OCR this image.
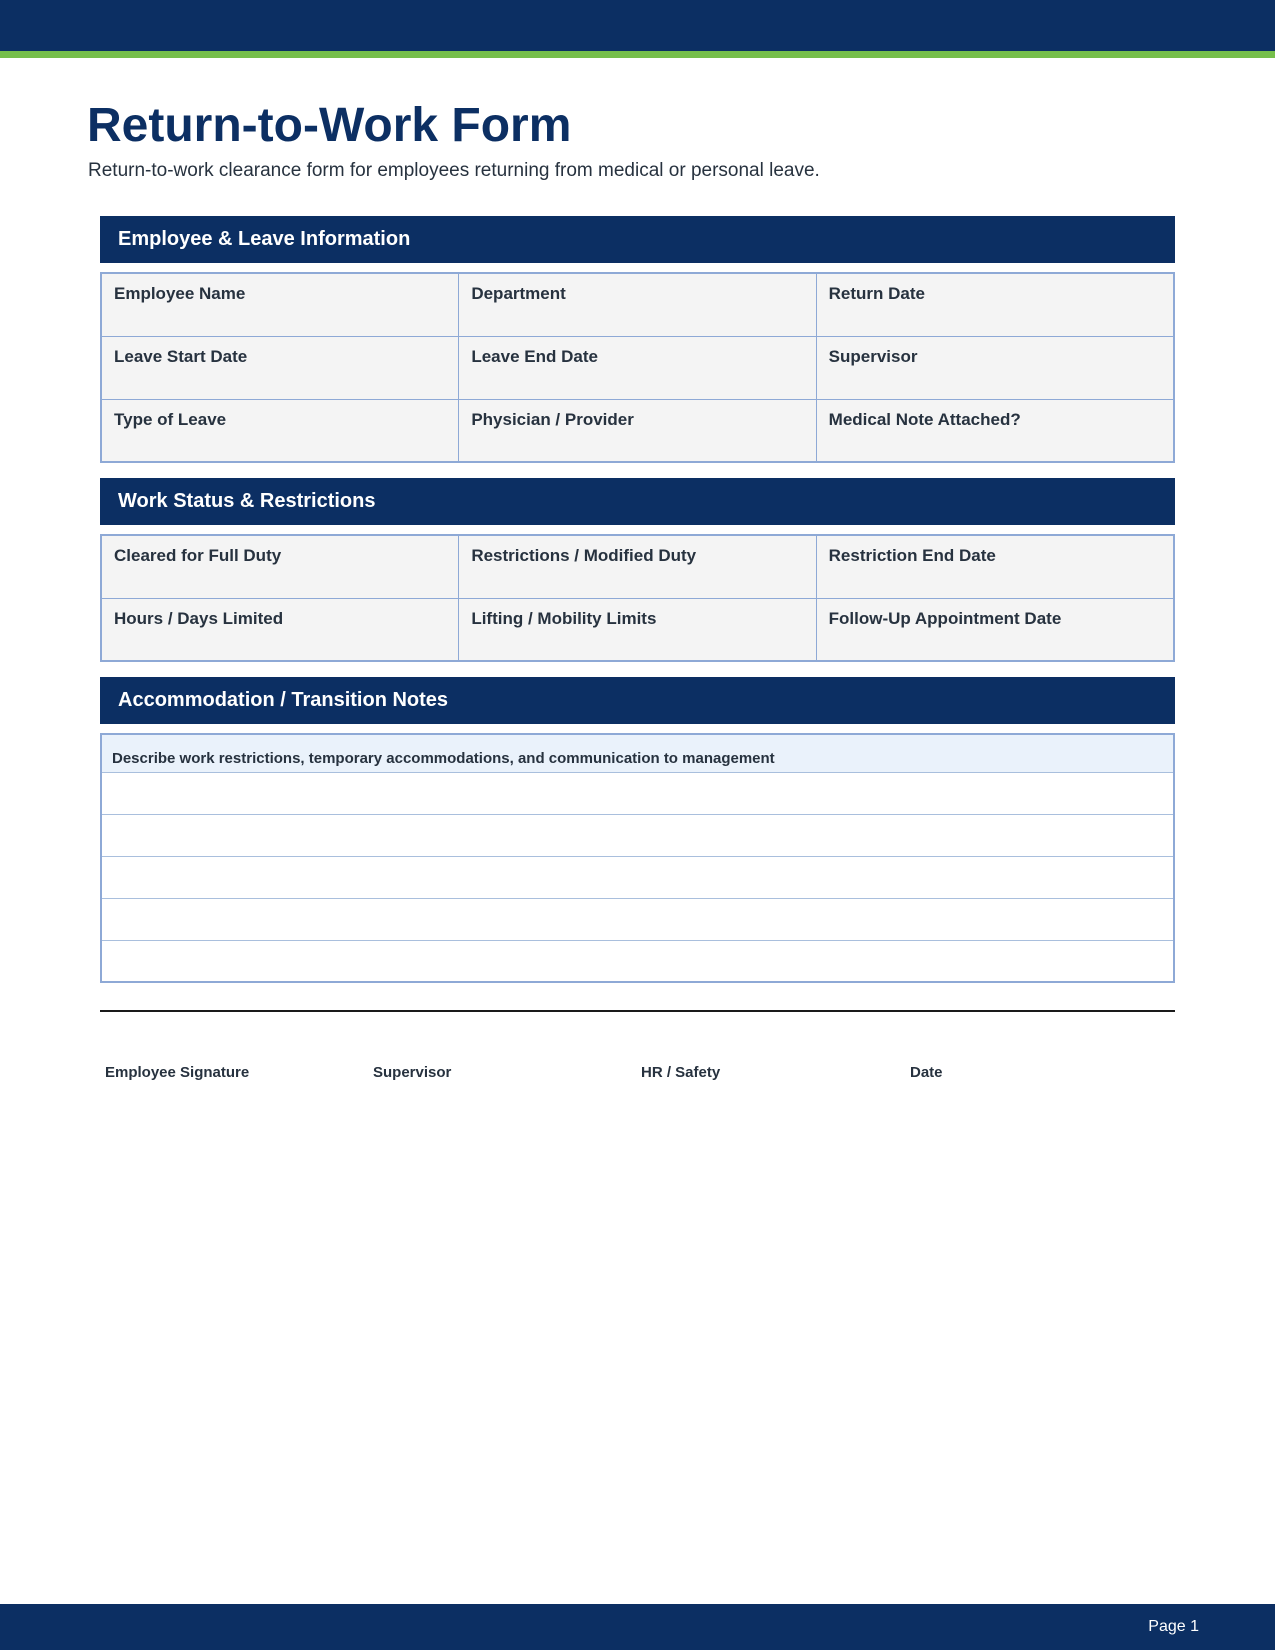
Return-to-Work Form

Return-to-work clearance form for employees returning from medical or personal leave.

Employee & Leave Information
Employee Name	Department	Return Date
Leave Start Date	Leave End Date	Supervisor
Type of Leave	Physician / Provider	Medical Note Attached?
Work Status & Restrictions
Cleared for Full Duty	Restrictions / Modified Duty	Restriction End Date
Hours / Days Limited	Lifting / Mobility Limits	Follow-Up Appointment Date
Accommodation / Transition Notes
Describe work restrictions, temporary accommodations, and communication to management
Employee Signature	Supervisor	HR / Safety	Date
Page 1
